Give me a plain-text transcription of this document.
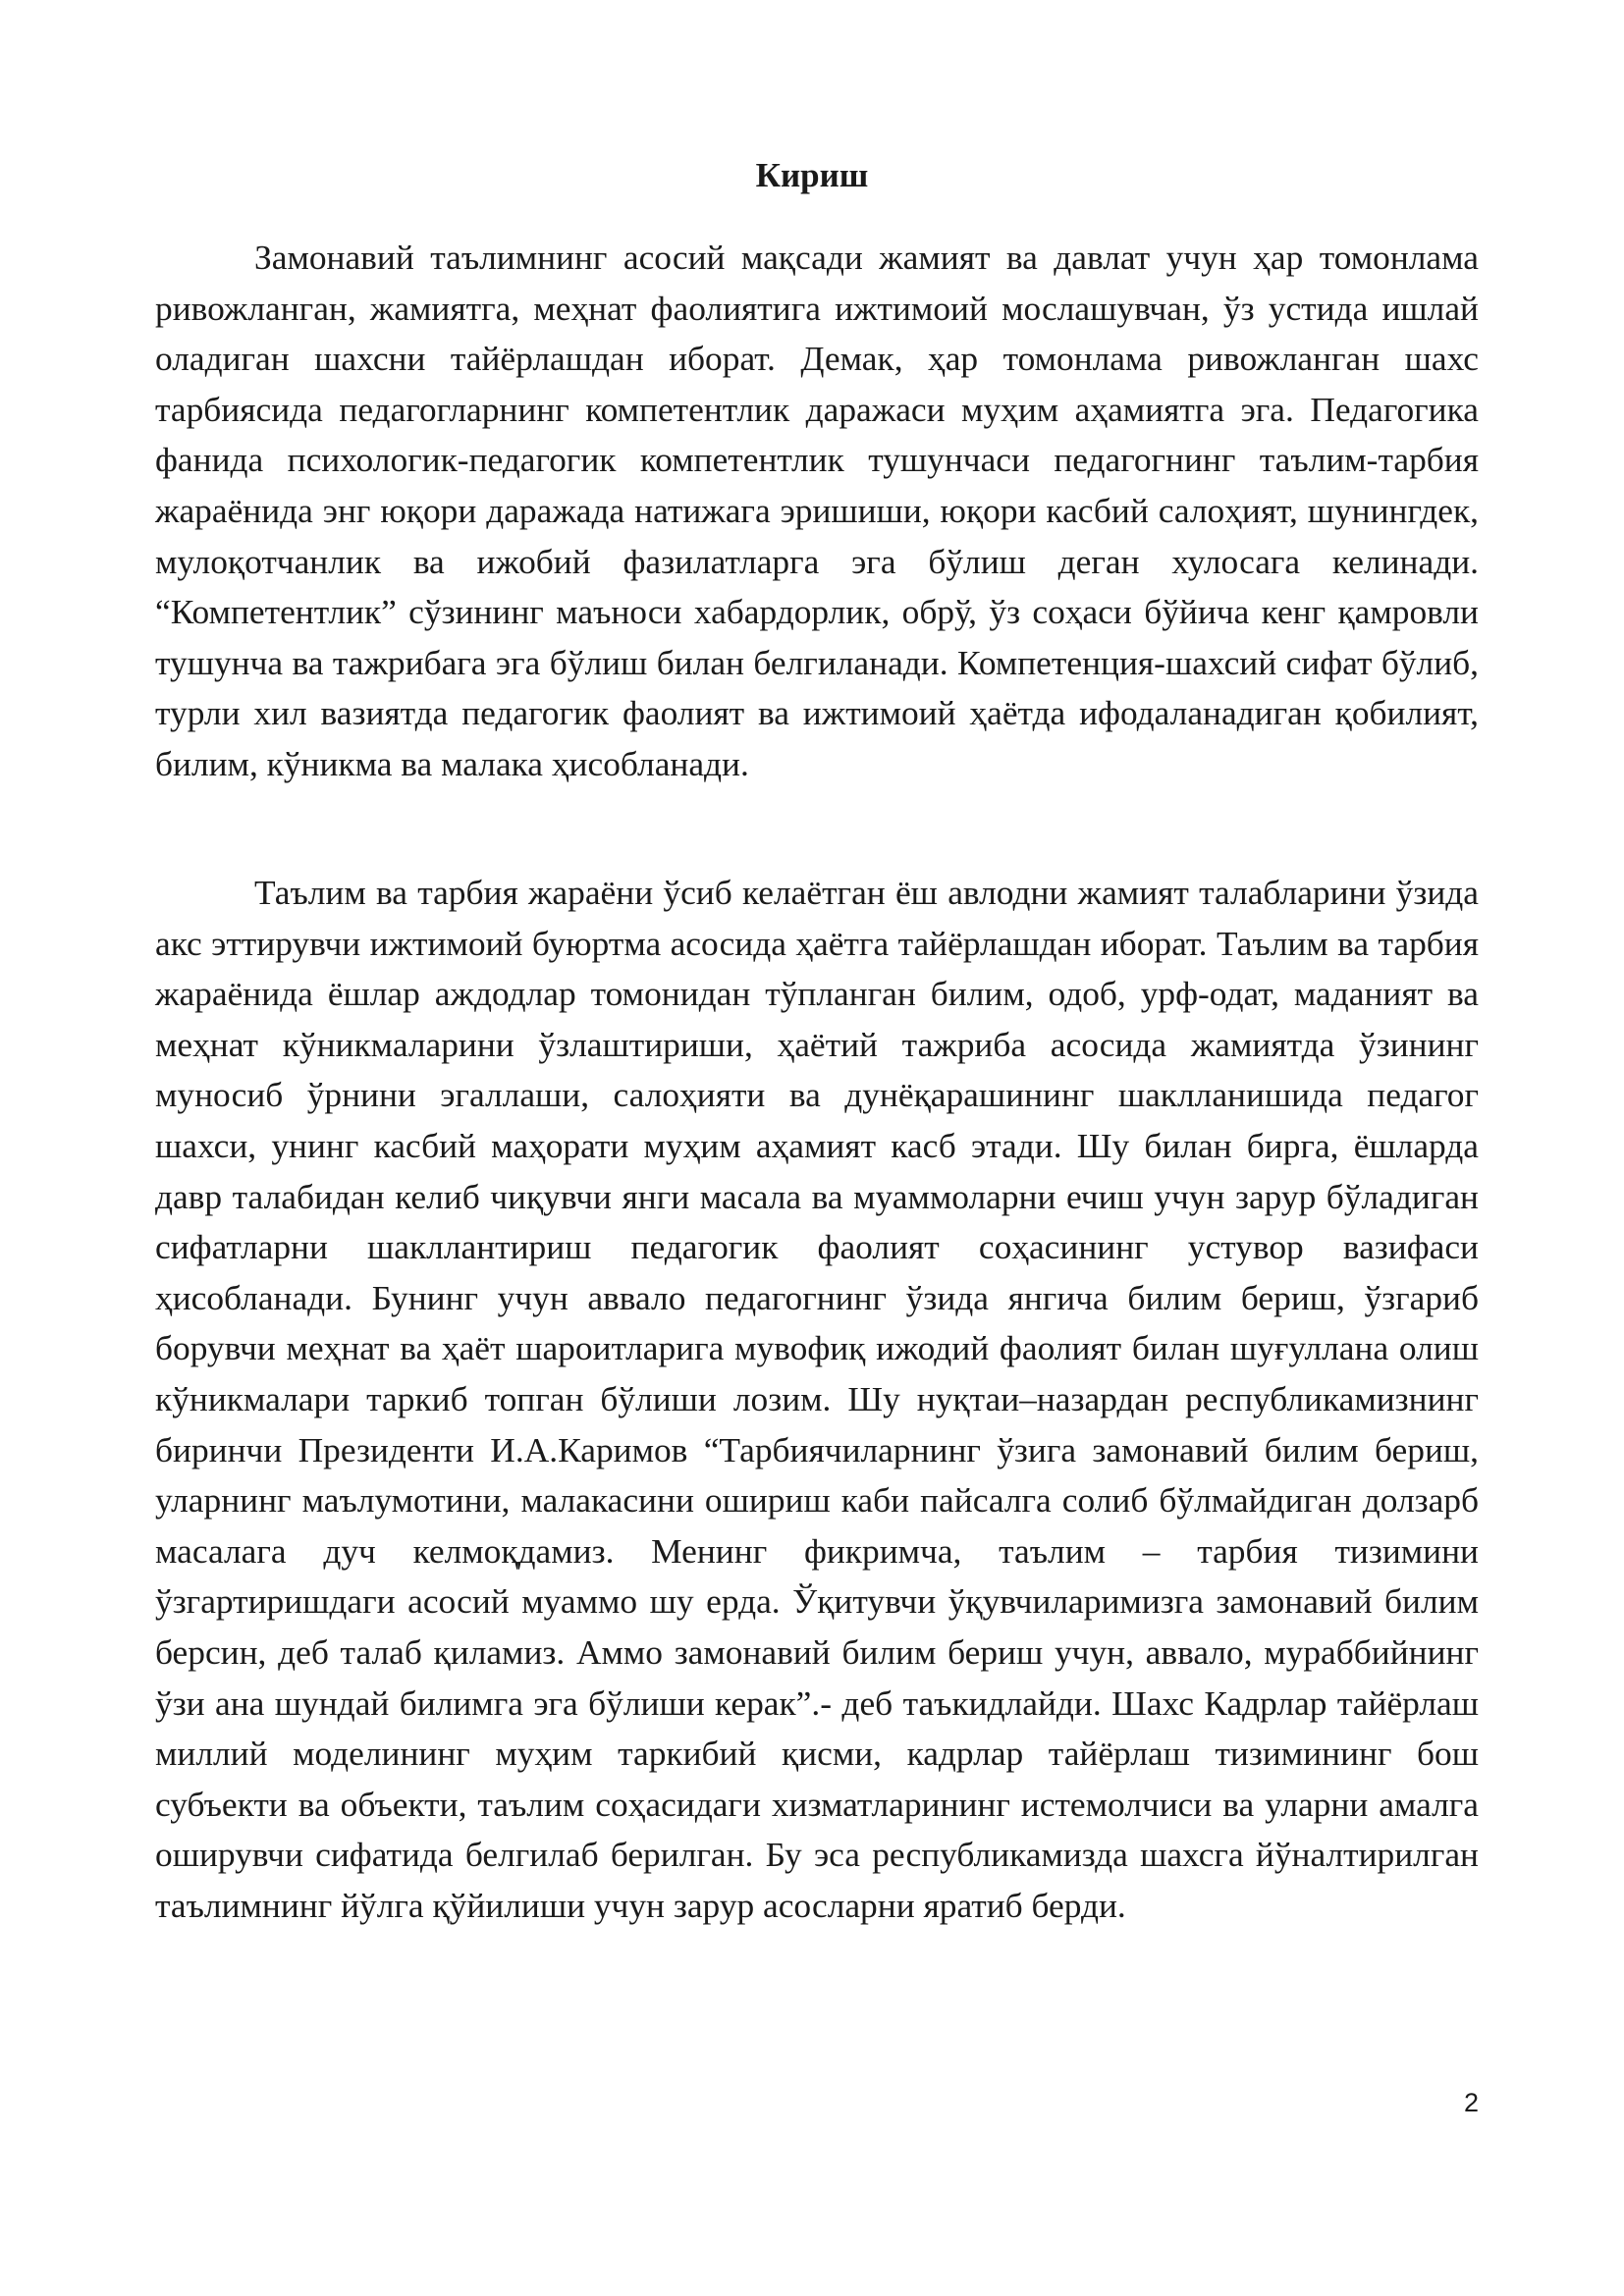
Кириш

Замонавий таълимнинг асосий мақсади жамият ва давлат учун ҳар томонлама ривожланган, жамиятга, меҳнат фаолиятига ижтимоий мослашувчан, ўз устида ишлай оладиган шахсни тайёрлашдан иборат. Демак, ҳар томонлама ривожланган шахс тарбиясида педагогларнинг компетентлик даражаси муҳим аҳамиятга эга. Педагогика фанида психологик-педагогик компетентлик тушунчаси педагогнинг таълим-тарбия жараёнида энг юқори даражада натижага эришиши, юқори касбий салоҳият, шунингдек, мулоқотчанлик ва ижобий фазилатларга эга бўлиш деган хулосага келинади. “Компетентлик” сўзининг маъноси хабардорлик, обрў, ўз соҳаси бўйича кенг қамровли тушунча ва тажрибага эга бўлиш билан белгиланади. Компетенция-шахсий сифат бўлиб, турли хил вазиятда педагогик фаолият ва ижтимоий ҳаётда ифодаланадиган қобилият, билим, кўникма ва малака ҳисобланади.

Таълим ва тарбия жараёни ўсиб келаётган ёш авлодни жамият талабларини ўзида акс эттирувчи ижтимоий буюртма асосида ҳаётга тайёрлашдан иборат. Таълим ва тарбия жараёнида ёшлар аждодлар томонидан тўпланган билим, одоб, урф-одат, маданият ва меҳнат кўникмаларини ўзлаштириши, ҳаётий тажриба асосида жамиятда ўзининг муносиб ўрнини эгаллаши, салоҳияти ва дунёқарашининг шаклланишида педагог шахси, унинг касбий маҳорати муҳим аҳамият касб этади. Шу билан бирга, ёшларда давр талабидан келиб чиқувчи янги масала ва муаммоларни ечиш учун зарур бўладиган сифатларни шакллантириш педагогик фаолият соҳасининг устувор вазифаси ҳисобланади. Бунинг учун аввало педагогнинг ўзида янгича билим бериш, ўзгариб борувчи меҳнат ва ҳаёт шароитларига мувофиқ ижодий фаолият билан шуғуллана олиш кўникмалари таркиб топган бўлиши лозим. Шу нуқтаи–назардан республикамизнинг биринчи Президенти И.А.Каримов “Тарбиячиларнинг ўзига замонавий билим бериш, уларнинг маълумотини, малакасини ошириш каби пайсалга солиб бўлмайдиган долзарб масалага дуч келмоқдамиз. Менинг фикримча, таълим – тарбия тизимини ўзгартиришдаги асосий муаммо шу ерда. Ўқитувчи ўқувчиларимизга замонавий билим берсин, деб талаб қиламиз. Аммо замонавий билим бериш учун, аввало, мураббийнинг ўзи ана шундай билимга эга бўлиши керак”.- деб таъкидлайди. Шахс Кадрлар тайёрлаш миллий моделининг муҳим таркибий қисми, кадрлар тайёрлаш тизимининг бош субъекти ва объекти, таълим соҳасидаги хизматларининг истемолчиси ва уларни амалга оширувчи сифатида белгилаб берилган. Бу эса республикамизда шахсга йўналтирилган таълимнинг йўлга қўйилиши учун зарур асосларни яратиб берди.

2
